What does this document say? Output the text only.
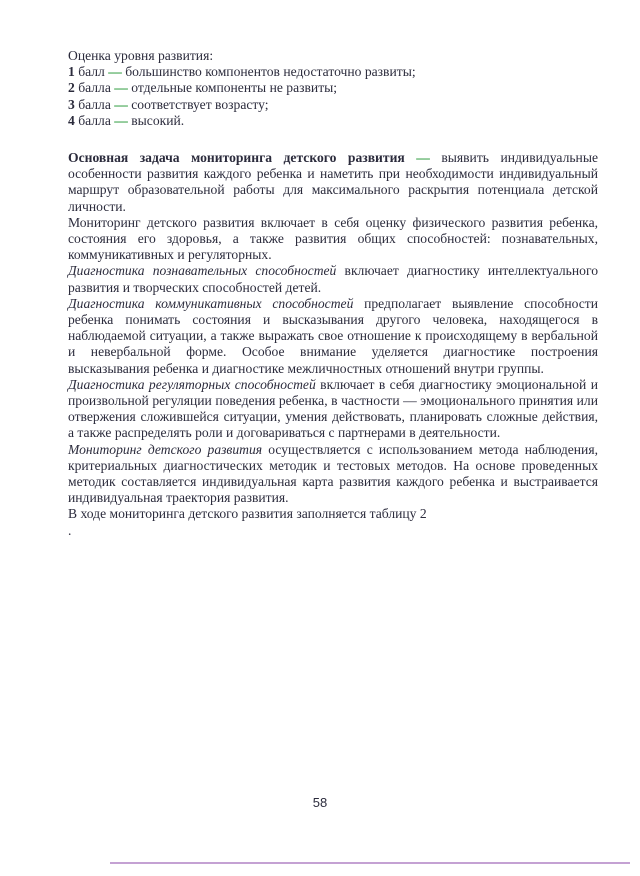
Оценка уровня развития:
1 балл — большинство компонентов недостаточно развиты;
2 балла — отдельные компоненты не развиты;
3 балла — соответствует возрасту;
4 балла — высокий.

Основная задача мониторинга детского развития — выявить индивидуальные особенности развития каждого ребенка и наметить при необходимости индивидуальный маршрут образовательной работы для максимального раскрытия потенциала детской личности.

Мониторинг детского развития включает в себя оценку физического развития ребенка, состояния его здоровья, а также развития общих способностей: познавательных, коммуникативных и регуляторных.

Диагностика познавательных способностей включает диагностику интеллектуального развития и творческих способностей детей.

Диагностика коммуникативных способностей предполагает выявление способности ребенка понимать состояния и высказывания другого человека, находящегося в наблюдаемой ситуации, а также выражать свое отношение к происходящему в вербальной и невербальной форме. Особое внимание уделяется диагностике построения высказывания ребенка и диагностике межличностных отношений внутри группы.

Диагностика регуляторных способностей включает в себя диагностику эмоциональной и произвольной регуляции поведения ребенка, в частности — эмоционального принятия или отвержения сложившейся ситуации, умения действовать, планировать сложные действия, а также распределять роли и договариваться с партнерами в деятельности.

Мониторинг детского развития осуществляется с использованием метода наблюдения, критериальных диагностических методик и тестовых методов. На основе проведенных методик составляется индивидуальная карта развития каждого ребенка и выстраивается индивидуальная траектория развития.

В ходе мониторинга детского развития заполняется таблицу 2

.

58
